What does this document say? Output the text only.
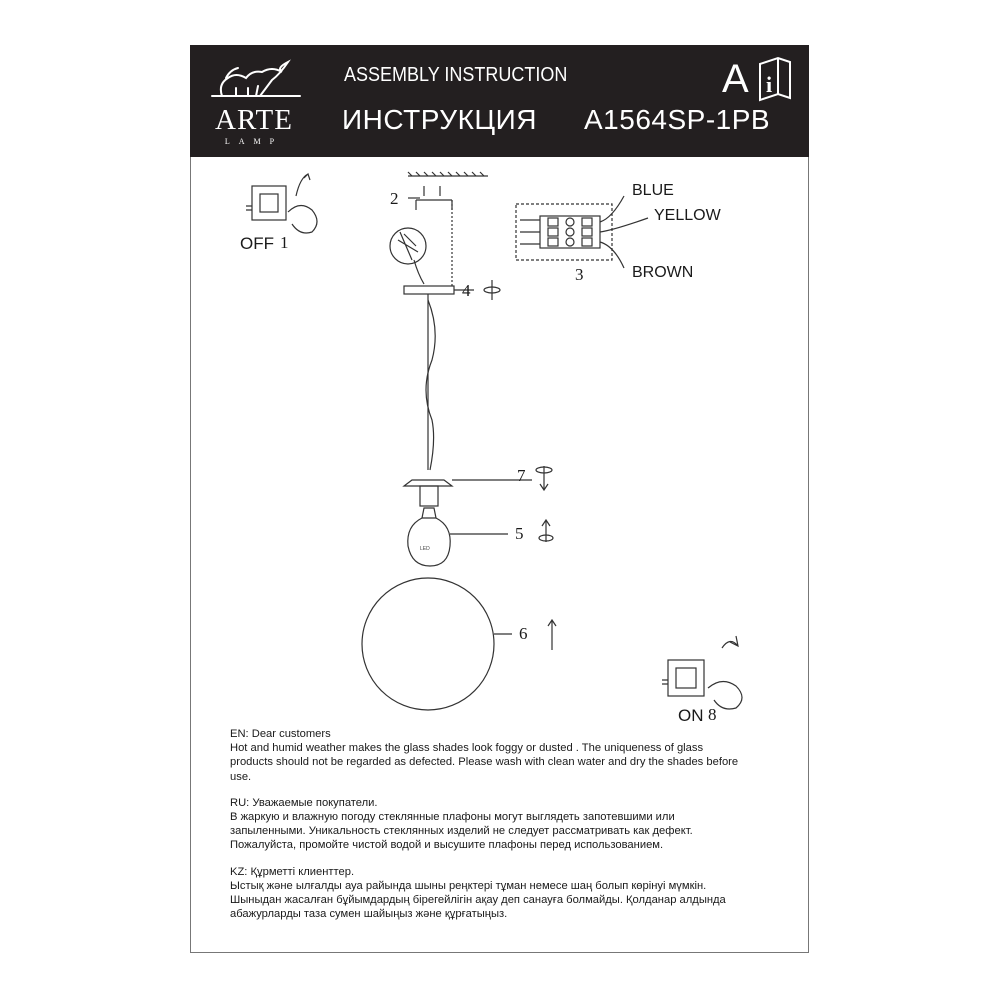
ARTE
LAMP
ASSEMBLY INSTRUCTION
ИНСТРУКЦИЯ A1564SP-1PB
A i
LED
BLUE
YELLOW
BROWN
OFF 1
ON 8
2
3
4
5
6
7

EN: Dear customers
Hot and humid weather makes the glass shades look foggy or dusted . The uniqueness of glass
products should not be regarded as defected. Please wash with clean water and dry the shades before
use.

RU: Уважаемые покупатели.
В жаркую и влажную погоду стеклянные плафоны могут выглядеть запотевшими или
запыленными. Уникальность стеклянных изделий не следует рассматривать как дефект.
Пожалуйста, промойте чистой водой и высушите плафоны перед использованием.

KZ: Құрметті клиенттер.
Ыстық және ылғалды ауа райында шыны реңктері тұман немесе шаң болып көрінуі мүмкін.
Шыныдан жасалған бұйымдардың бірегейлігін ақау деп санауға болмайды. Қолданар алдында
абажурларды таза сумен шайыңыз және құрғатыңыз.
